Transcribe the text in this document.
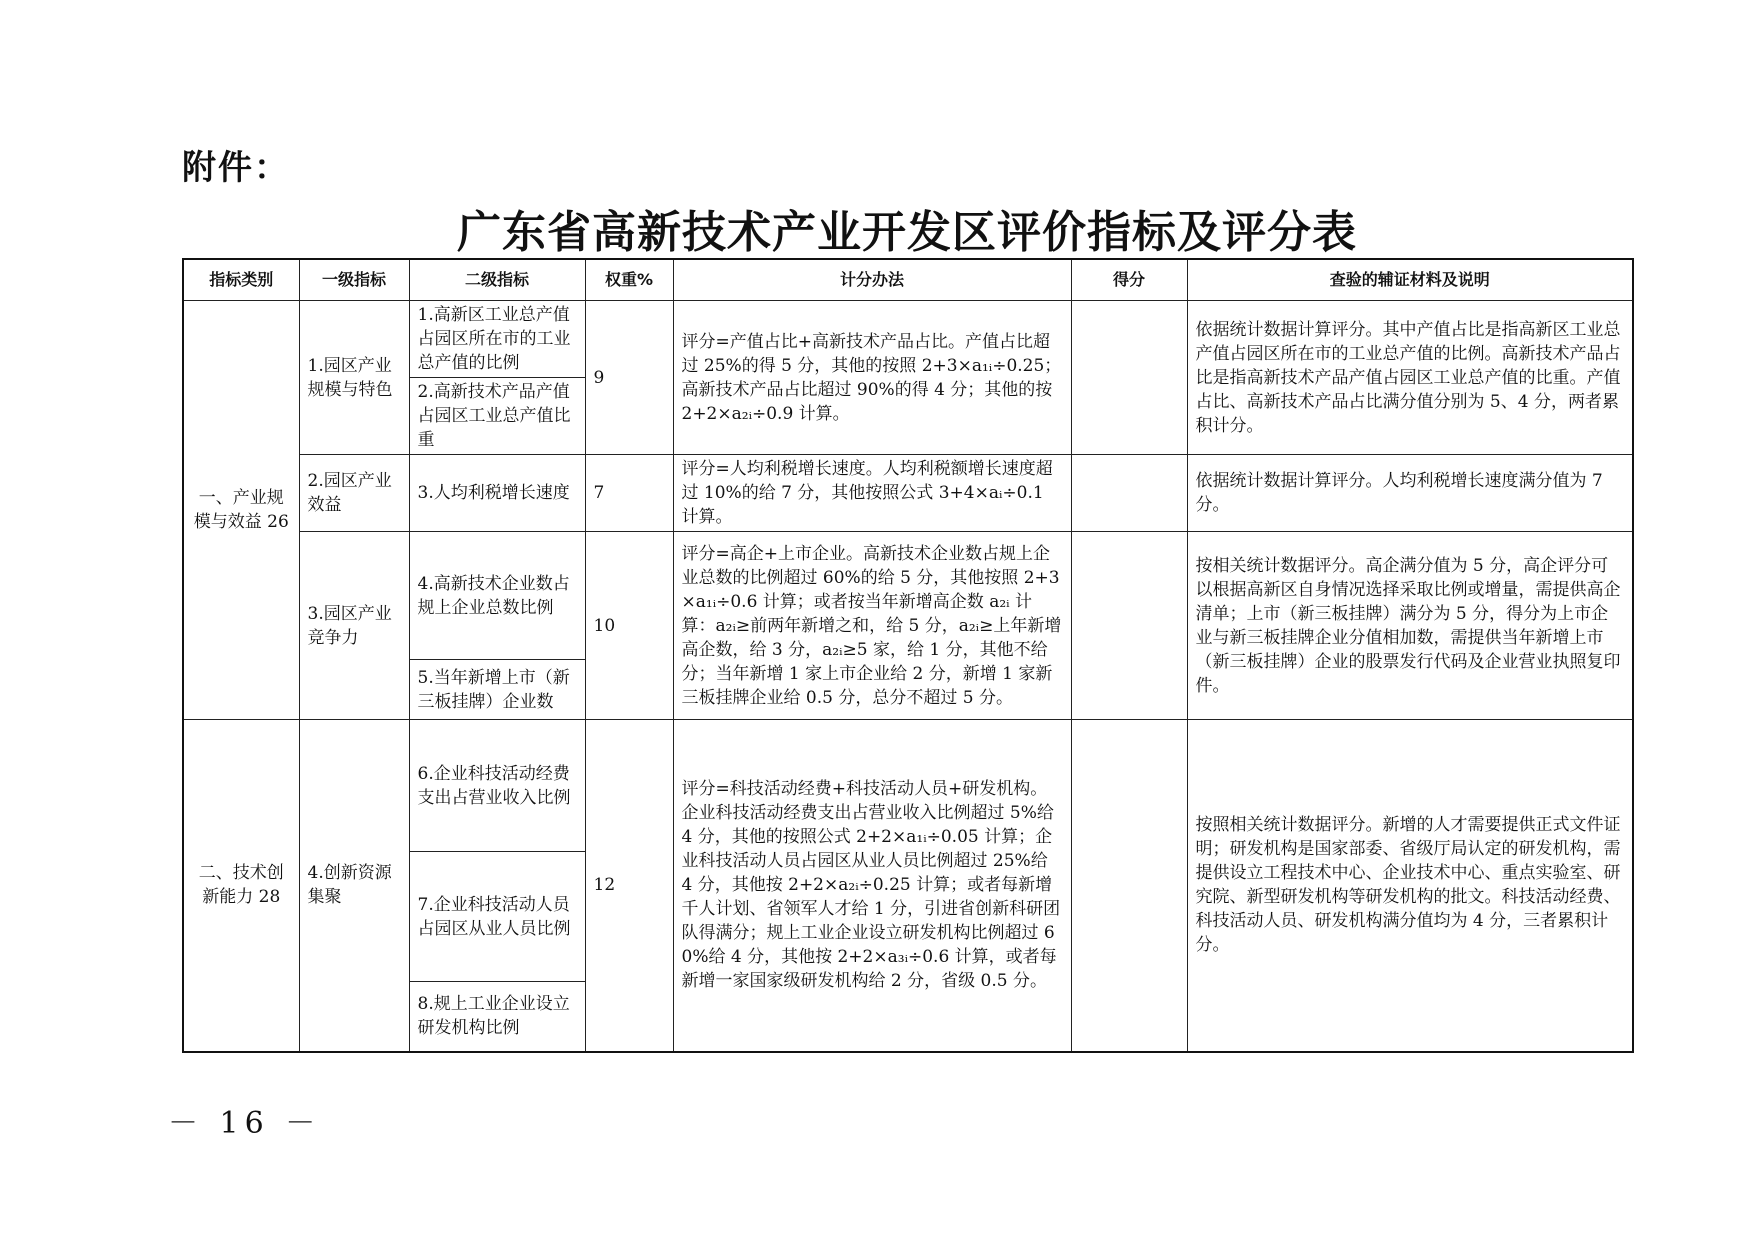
附件：
广东省高新技术产业开发区评价指标及评分表
指标类别	一级指标	二级指标	权重%	计分办法	得分	查验的辅证材料及说明
一、产业规模与效益 26	1.园区产业规模与特色	1.高新区工业总产值占园区所在市的工业总产值的比例	9	评分=产值占比+高新技术产品占比。产值占比超过 25%的得 5 分，其他的按照 2+3×a₁ᵢ÷0.25；高新技术产品占比超过 90%的得 4 分；其他的按 2+2×a₂ᵢ÷0.9 计算。		依据统计数据计算评分。其中产值占比是指高新区工业总产值占园区所在市的工业总产值的比例。高新技术产品占比是指高新技术产品产值占园区工业总产值的比重。产值占比、高新技术产品占比满分值分别为 5、4 分，两者累积计分。
		2.高新技术产品产值占园区工业总产值比重				
	2.园区产业效益	3.人均利税增长速度	7	评分=人均利税增长速度。人均利税额增长速度超过 10%的给 7 分，其他按照公式 3+4×aᵢ÷0.1 计算。		依据统计数据计算评分。人均利税增长速度满分值为 7 分。
	3.园区产业竞争力	4.高新技术企业数占规上企业总数比例	10	评分=高企+上市企业。高新技术企业数占规上企业总数的比例超过 60%的给 5 分，其他按照 2+3×a₁ᵢ÷0.6 计算；或者按当年新增高企数 a₂ᵢ 计算：a₂ᵢ≥前两年新增之和，给 5 分，a₂ᵢ≥上年新增高企数，给 3 分，a₂ᵢ≥5 家，给 1 分，其他不给分；当年新增 1 家上市企业给 2 分，新增 1 家新三板挂牌企业给 0.5 分，总分不超过 5 分。		按相关统计数据评分。高企满分值为 5 分，高企评分可以根据高新区自身情况选择采取比例或增量，需提供高企清单；上市（新三板挂牌）满分为 5 分，得分为上市企业与新三板挂牌企业分值相加数，需提供当年新增上市（新三板挂牌）企业的股票发行代码及企业营业执照复印件。
		5.当年新增上市（新三板挂牌）企业数				

二、技术创新能力 28	4.创新资源集聚	6.企业科技活动经费支出占营业收入比例	12	评分=科技活动经费+科技活动人员+研发机构。企业科技活动经费支出占营业收入比例超过 5%给 4 分，其他的按照公式 2+2×a₁ᵢ÷0.05 计算；企业科技活动人员占园区从业人员比例超过 25%给 4 分，其他按 2+2×a₂ᵢ÷0.25 计算；或者每新增千人计划、省领军人才给 1 分，引进省创新科研团队得满分；规上工业企业设立研发机构比例超过 60%给 4 分，其他按 2+2×a₃ᵢ÷0.6 计算，或者每新增一家国家级研发机构给 2 分，省级 0.5 分。		按照相关统计数据评分。新增的人才需要提供正式文件证明；研发机构是国家部委、省级厅局认定的研发机构，需提供设立工程技术中心、企业技术中心、重点实验室、研究院、新型研发机构等研发机构的批文。科技活动经费、科技活动人员、研发机构满分值均为 4 分，三者累积计分。
		7.企业科技活动人员占园区从业人员比例				
		8.规上工业企业设立研发机构比例				
－ 16 －
